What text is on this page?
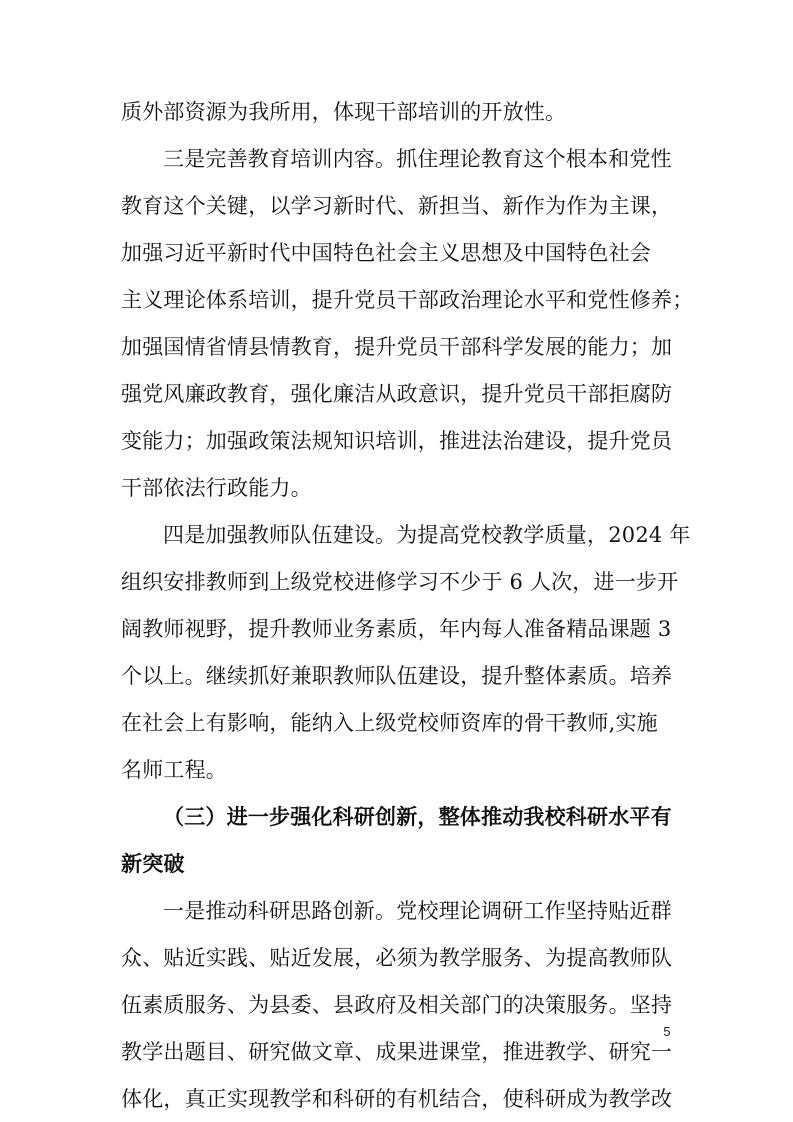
质外部资源为我所用，体现干部培训的开放性。
三是完善教育培训内容。抓住理论教育这个根本和党性
教育这个关键，以学习新时代、新担当、新作为作为主课，
加强习近平新时代中国特色社会主义思想及中国特色社会
主义理论体系培训，提升党员干部政治理论水平和党性修养；
加强国情省情县情教育，提升党员干部科学发展的能力；加
强党风廉政教育，强化廉洁从政意识，提升党员干部拒腐防
变能力；加强政策法规知识培训，推进法治建设，提升党员
干部依法行政能力。
四是加强教师队伍建设。为提高党校教学质量，2024 年
组织安排教师到上级党校进修学习不少于 6 人次，进一步开
阔教师视野，提升教师业务素质，年内每人准备精品课题 3
个以上。继续抓好兼职教师队伍建设，提升整体素质。培养
在社会上有影响，能纳入上级党校师资库的骨干教师,实施
名师工程。
（三）进一步强化科研创新，整体推动我校科研水平有
新突破
一是推动科研思路创新。党校理论调研工作坚持贴近群
众、贴近实践、贴近发展，必须为教学服务、为提高教师队
伍素质服务、为县委、县政府及相关部门的决策服务。坚持
教学出题目、研究做文章、成果进课堂，推进教学、研究一
体化，真正实现教学和科研的有机结合，使科研成为教学改
5
